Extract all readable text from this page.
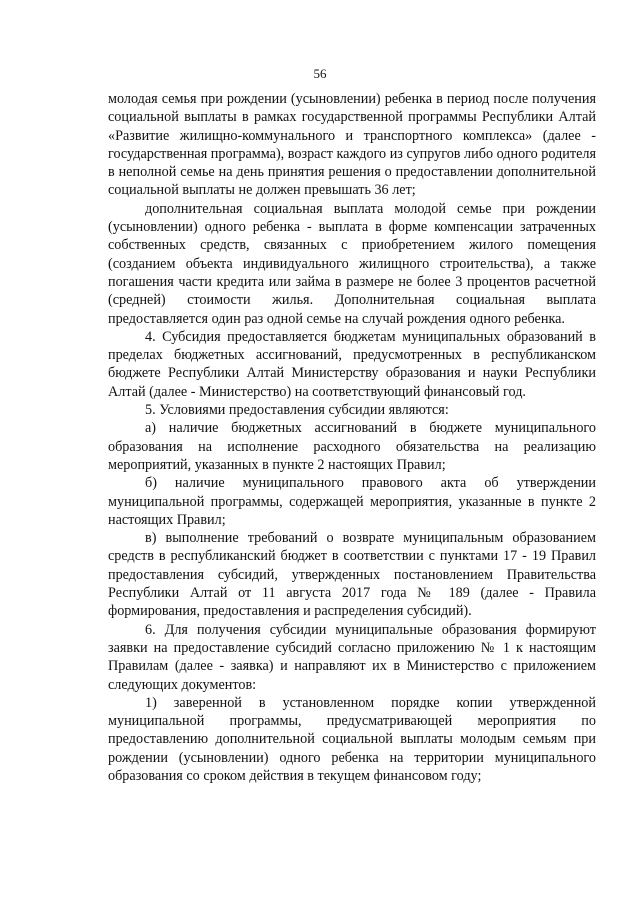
56

молодая семья при рождении (усыновлении) ребенка в период после получения социальной выплаты в рамках государственной программы Республики Алтай «Развитие жилищно-коммунального и транспортного комплекса» (далее - государственная программа), возраст каждого из супругов либо одного родителя в неполной семье на день принятия решения о предоставлении дополнительной социальной выплаты не должен превышать 36 лет;

дополнительная социальная выплата молодой семье при рождении (усыновлении) одного ребенка - выплата в форме компенсации затраченных собственных средств, связанных с приобретением жилого помещения (созданием объекта индивидуального жилищного строительства), а также погашения части кредита или займа в размере не более 3 процентов расчетной (средней) стоимости жилья. Дополнительная социальная выплата предоставляется один раз одной семье на случай рождения одного ребенка.

4. Субсидия предоставляется бюджетам муниципальных образований в пределах бюджетных ассигнований, предусмотренных в республиканском бюджете Республики Алтай Министерству образования и науки Республики Алтай (далее - Министерство) на соответствующий финансовый год.

5. Условиями предоставления субсидии являются:

а) наличие бюджетных ассигнований в бюджете муниципального образования на исполнение расходного обязательства на реализацию мероприятий, указанных в пункте 2 настоящих Правил;

б) наличие муниципального правового акта об утверждении муниципальной программы, содержащей мероприятия, указанные в пункте 2 настоящих Правил;

в) выполнение требований о возврате муниципальным образованием средств в республиканский бюджет в соответствии с пунктами 17 - 19 Правил предоставления субсидий, утвержденных постановлением Правительства Республики Алтай от 11 августа 2017 года № 189 (далее - Правила формирования, предоставления и распределения субсидий).

6. Для получения субсидии муниципальные образования формируют заявки на предоставление субсидий согласно приложению № 1 к настоящим Правилам (далее - заявка) и направляют их в Министерство с приложением следующих документов:

1) заверенной в установленном порядке копии утвержденной муниципальной программы, предусматривающей мероприятия по предоставлению дополнительной социальной выплаты молодым семьям при рождении (усыновлении) одного ребенка на территории муниципального образования со сроком действия в текущем финансовом году;
